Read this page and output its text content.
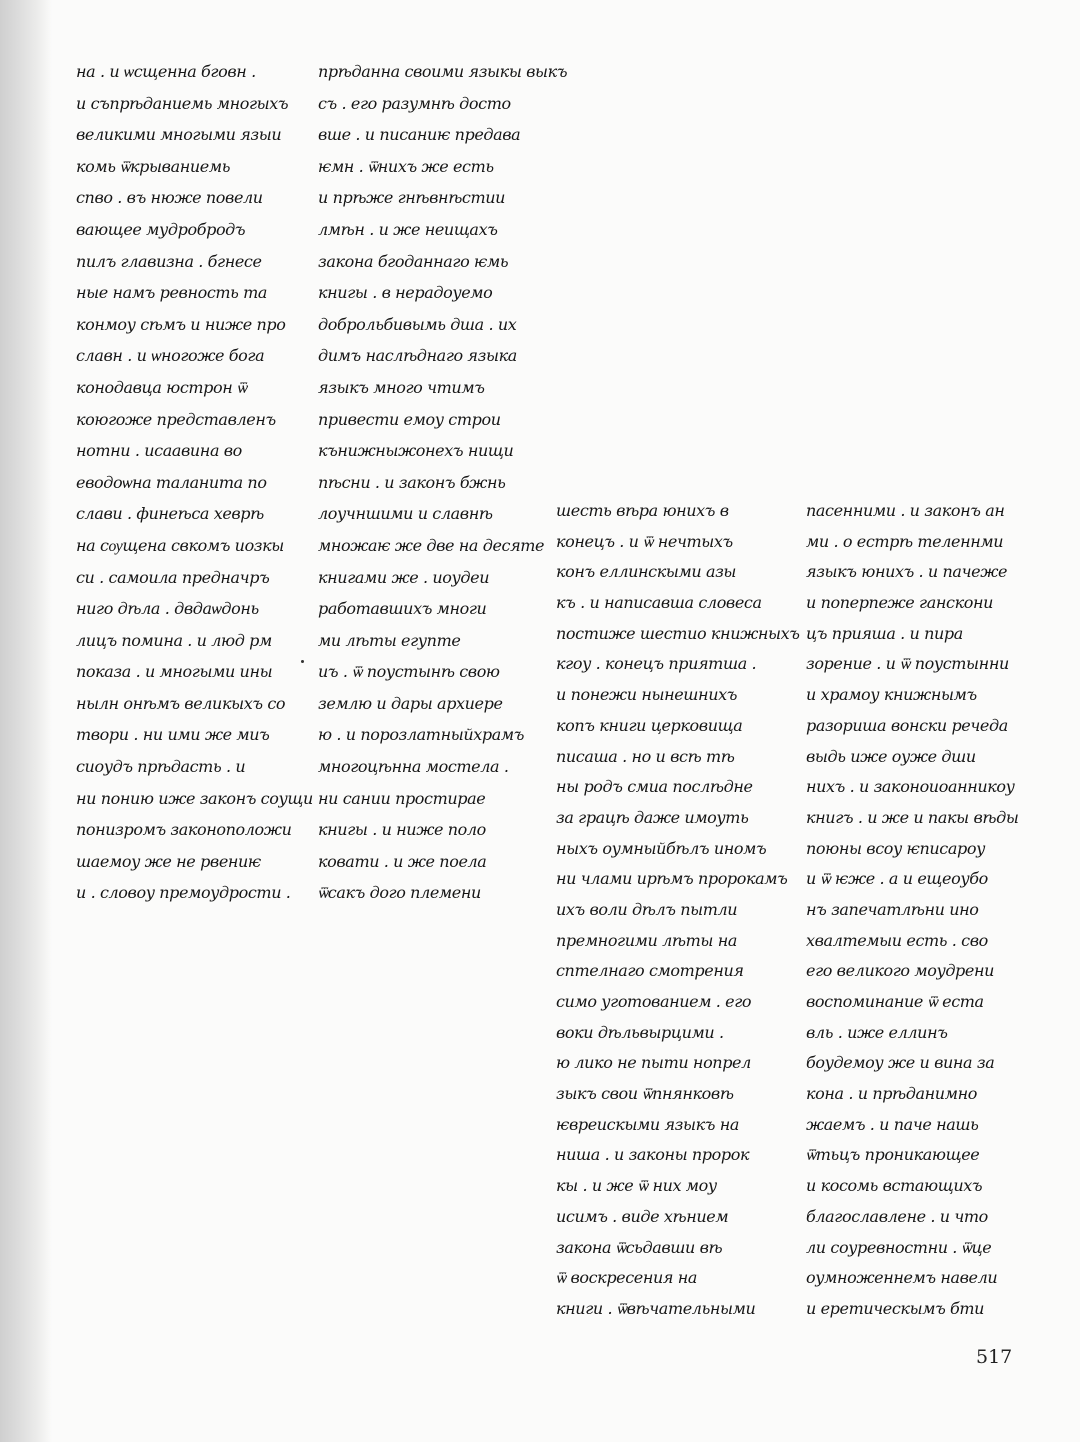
на . и ѡсщенна бговн .
и съпрѣданиемь многыхъ
великими многыми языи
комь ѿкрываниемь
спво . въ нюже повели
вающее мудробродъ
пилъ главизна . бгнесе
ные намъ ревность та
конмоу сѣмъ и ниже про
славн . и ѡногоже бога
конодавца юстрон ѿ
коюгоже представленъ
нотни . исаавина во
еводоѡна таланита по
слави . финеѣса хеврѣ
на сѹщена свкомъ иозкы
си . самоила предначръ
ниго дѣла . двдаѡдонь
лицъ помина . и люд рм
показа . и многыми ины
нылн онѣмъ великыхъ со
твори . ни ими же миъ
сиоудъ прѣдасть . и
ни понию иже законъ соущи
понизромъ законоположи
шаемоу же не рвениѥ
и . словоу премоудрости .
прѣданна своими языкы выкъ
съ . его разумнѣ досто
вше . и писаниѥ предава
ѥмн . ѿнихъ же есть
и прѣже гнѣвнѣстии
лмѣн . и же неищахъ
закона бгоданнаго ѥмь
книгы . в нерадоуемо
доброльбивымь дша . их
димъ наслѣднаго языка
языкъ много чтимъ
привести емоу строи
кънижныжонехъ нищи
пѣсни . и законъ бжнь
лоучншими и славнѣ
множаѥ же две на десяте
книгами же . иоудеи
работавшихъ многи
ми лѣты егупте
иъ . ѿ поустынѣ свою
землю и дары архиере
ю . и порозлатныйхрамъ
многоцѣнна мостела .
ни сании простирае
книгы . и ниже поло
ковати . и же поела
ѿсакъ дого племени
шесть вѣра юнихъ в
конецъ . и ѿ нечтыхъ
конъ еллинскыми азы
къ . и написавша словеса
постиже шестио книжныхъ
кгоу . конецъ приятша .
и понежи нынешнихъ
копъ книги церковища
писаша . но и всѣ тѣ
ны родъ смиа послѣдне
за грацѣ даже имоуть
ныхъ оумныйбѣлъ иномъ
ни члами ирѣмъ пророкамъ
ихъ воли дѣлъ пытли
премногими лѣты на
сптелнаго смотрения
симо уготованием . его
воки дѣльвырцими .
ю лико не пыти нопрел
зыкъ свои ѿпнянковѣ
ѥвреискыми языкъ на
ниша . и законы пророк
кы . и же ѿ них моу
исимъ . виде хѣнием
закона ѿсьдавши вѣ
ѿ воскресения на
книги . ѿвѣчательными
пасенними . и законъ ан
ми . о естрѣ теленнми
языкъ юнихъ . и пачеже
и поперпеже ганскони
цъ прияша . и пира
зорение . и ѿ поустынни
и храмоу книжнымъ
разориша вонски речеда
выдь иже оуже дши
нихъ . и законоиоанникоу
книгъ . и же и пакы вѣды
поюны всоу ѥписароу
и ѿ ѥже . а и ещеоубо
нъ запечатлѣни ино
хвалтемыи есть . сво
его великого моудрени
воспоминание ѿ еста
вль . иже еллинъ
боудемоу же и вина за
кона . и прѣданимно
жаемъ . и паче нашь
ѿтьцъ проникающее
и косомь встающихъ
благославлене . и что
ли соуревностни . ѿце
оумноженнемъ навели
и еретическымъ бти
517
